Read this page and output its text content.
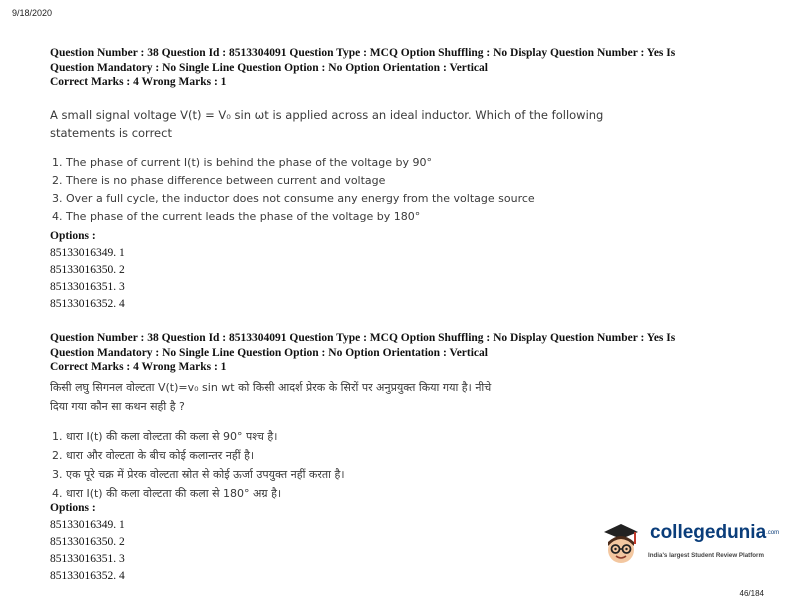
9/18/2020
Question Number : 38 Question Id : 8513304091 Question Type : MCQ Option Shuffling : No Display Question Number : Yes Is
Question Mandatory : No Single Line Question Option : No Option Orientation : Vertical
Correct Marks : 4 Wrong Marks : 1
A small signal voltage V(t) = V₀ sin ωt is applied across an ideal inductor. Which of the following
statements is correct
1. The phase of current I(t) is behind the phase of the voltage by 90°
2. There is no phase difference between current and voltage
3. Over a full cycle, the inductor does not consume any energy from the voltage source
4. The phase of the current leads the phase of the voltage by 180°
Options :
85133016349. 1
85133016350. 2
85133016351. 3
85133016352. 4
Question Number : 38 Question Id : 8513304091 Question Type : MCQ Option Shuffling : No Display Question Number : Yes Is
Question Mandatory : No Single Line Question Option : No Option Orientation : Vertical
Correct Marks : 4 Wrong Marks : 1
किसी लघु सिगनल वोल्टता V(t)=v₀ sin wt को किसी आदर्श प्रेरक के सिरों पर अनुप्रयुक्त किया गया है। नीचे
दिया गया कौन सा कथन सही है ?
1. धारा I(t) की कला वोल्टता की कला से 90° पश्च है।
2. धारा और वोल्टता के बीच कोई कलान्तर नहीं है।
3. एक पूरे चक्र में प्रेरक वोल्टता स्रोत से कोई ऊर्जा उपयुक्त नहीं करता है।
4. धारा I(t) की कला वोल्टता की कला से 180° अग्र है।
Options :
85133016349. 1
85133016350. 2
85133016351. 3
85133016352. 4
collegedunia.com
India's largest Student Review Platform
46/184
